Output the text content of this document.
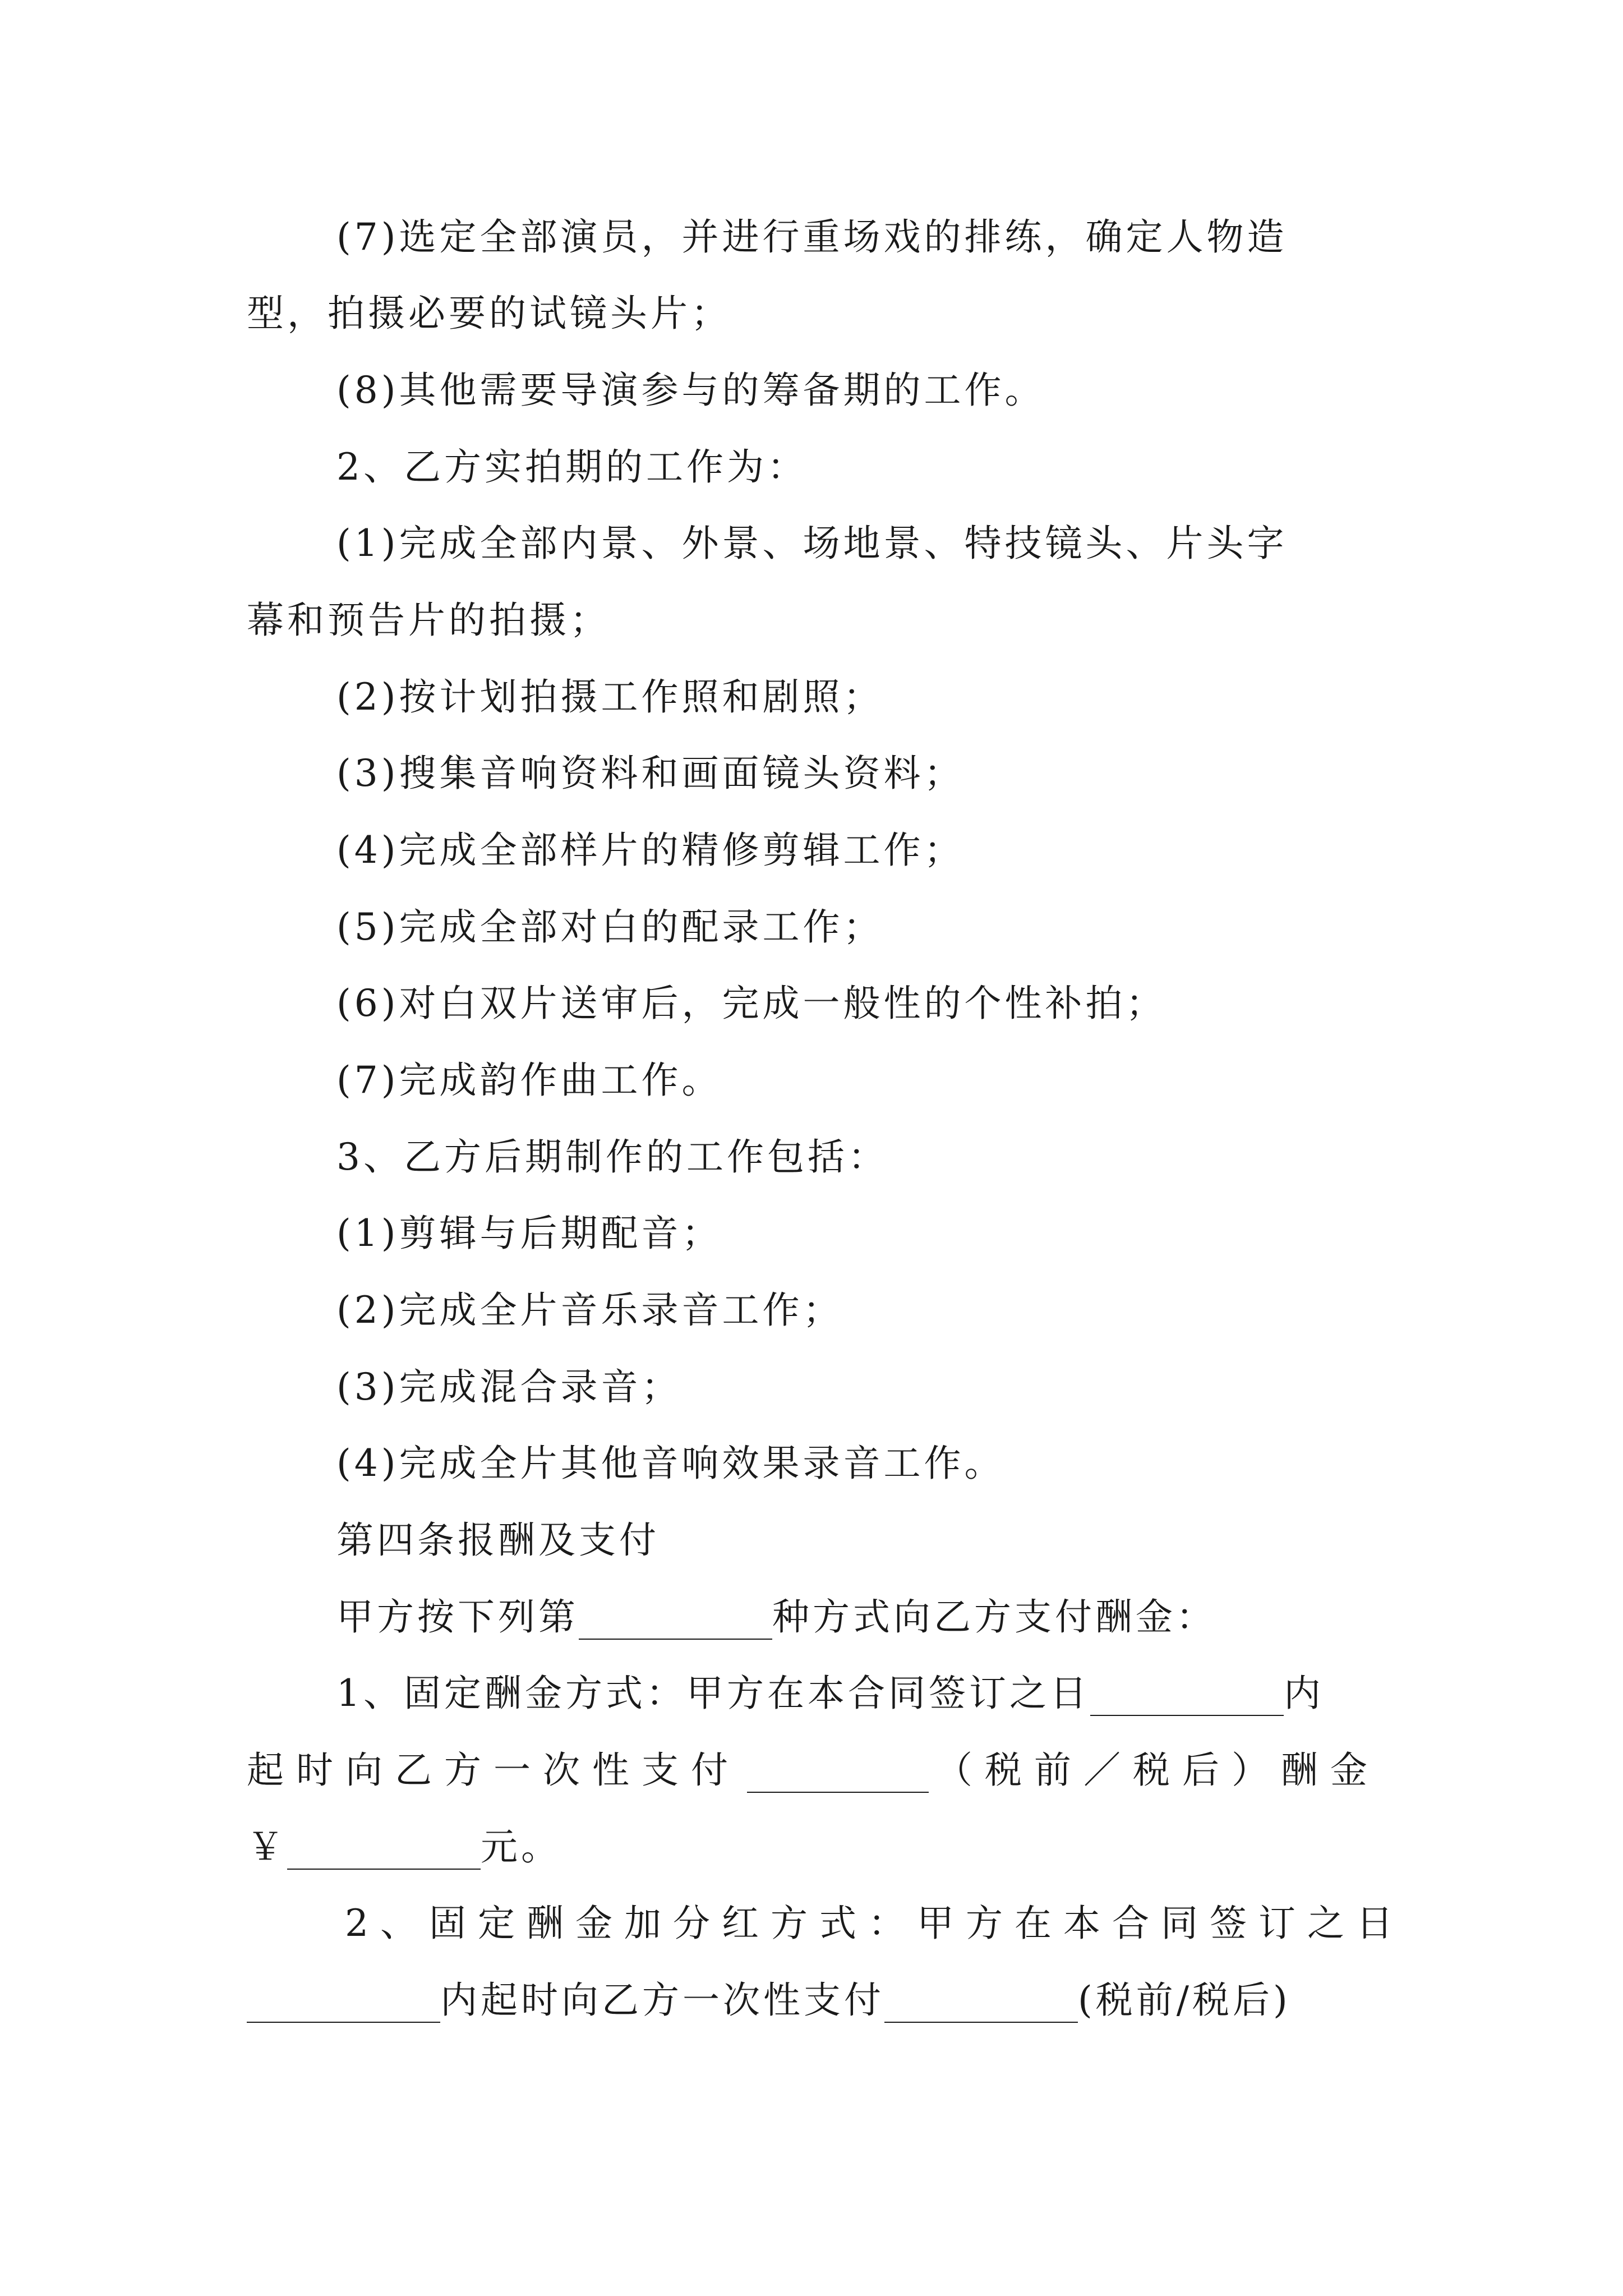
(7)选定全部演员，并进行重场戏的排练，确定人物造

型，拍摄必要的试镜头片；

(8)其他需要导演参与的筹备期的工作。

2、乙方实拍期的工作为：

(1)完成全部内景、外景、场地景、特技镜头、片头字

幕和预告片的拍摄；

(2)按计划拍摄工作照和剧照；

(3)搜集音响资料和画面镜头资料；

(4)完成全部样片的精修剪辑工作；

(5)完成全部对白的配录工作；

(6)对白双片送审后，完成一般性的个性补拍；

(7)完成韵作曲工作。

3、乙方后期制作的工作包括：

(1)剪辑与后期配音；

(2)完成全片音乐录音工作；

(3)完成混合录音；

(4)完成全片其他音响效果录音工作。

第四条报酬及支付

甲方按下列第	种方式向乙方支付酬金：
1、固定酬金方式：甲方在本合同签订之日	内
起时向乙方一次性支付	（税前／税后）酬金
￥	元。

2、固定酬金加分红方式：甲方在本合同签订之日

内起时向乙方一次性支付	(税前/税后)
